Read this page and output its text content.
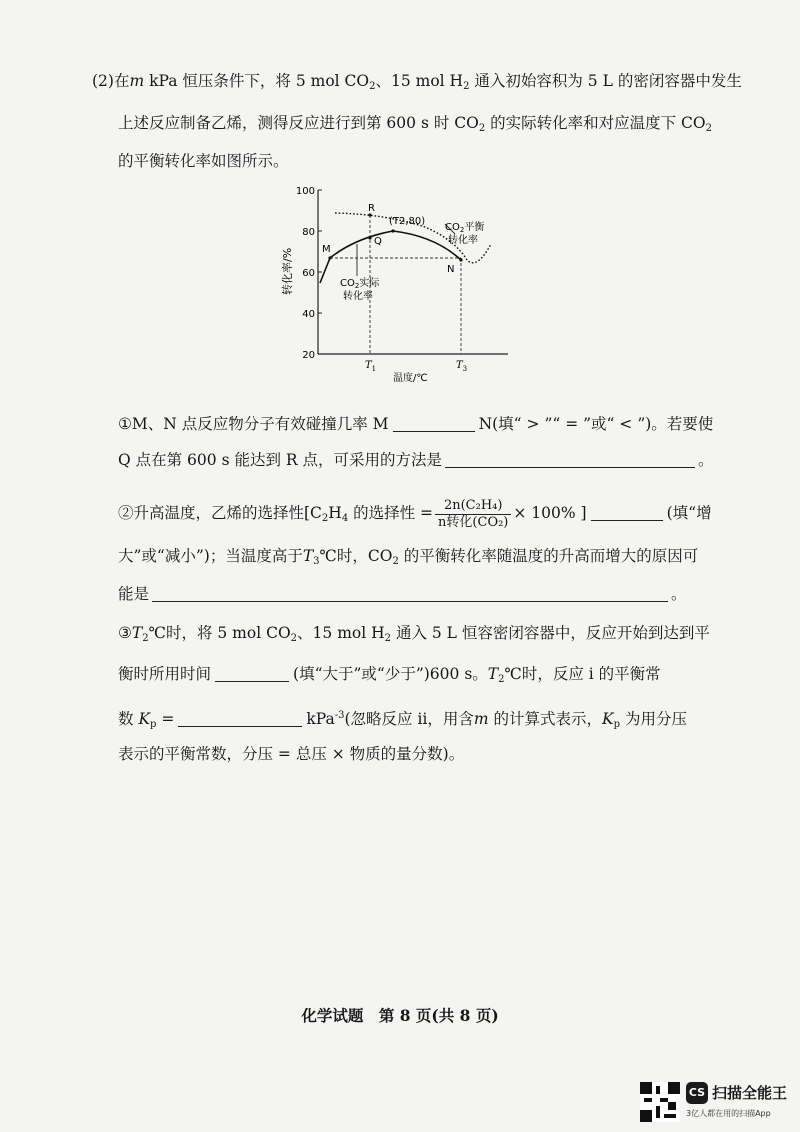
(2)在m kPa 恒压条件下，将 5 mol $CO_2$、15 mol $H_2$ 通入初始容积为 5 L 的密闭容器中发生
上述反应制备乙烯，测得反应进行到第 600 s 时 $CO_2$ 的实际转化率和对应温度下 $CO_2$
的平衡转化率如图所示。
20
40
60
80
100
转化率/%	M
R
Q
N
(T2,80)
$CO_2$实际
转化率
$CO_2$平衡
转化率
$T_1$	$T_3$
温度/℃
①M、N 点反应物分子有效碰撞几率 M	N(填“ > ”“ = ”或“ < ”)。若要使
Q 点在第 600 s 能达到 R 点，可采用的方法是	。
②升高温度，乙烯的选择性[$C_2H_4$ 的选择性 = $\frac{\text{2n(C₂H₄)}}{\text{n转化(CO₂)}} \times 100\%$ ]	(填“增
大”或“减小”)；当温度高于$T_3℃$时，$CO_2$ 的平衡转化率随温度的升高而增大的原因可
能是	。
$③T_2℃$时，将 5 mol $CO_2$、15 mol $H_2$ 通入 5 L 恒容密闭容器中，反应开始到达到平
衡时所用时间	(填“大于”或“少于”)600 s。$T_2℃$时，反应 ⅰ 的平衡常
数 $K_p$ =	kPa$^{-3}$(忽略反应 ⅱ，用含m 的计算式表示，$K_p$ 为用分压
表示的平衡常数，分压 = 总压 × 物质的量分数)。
化学试题　第 8 页(共 8 页)
CS 扫描全能王
3亿人都在用的扫描App
